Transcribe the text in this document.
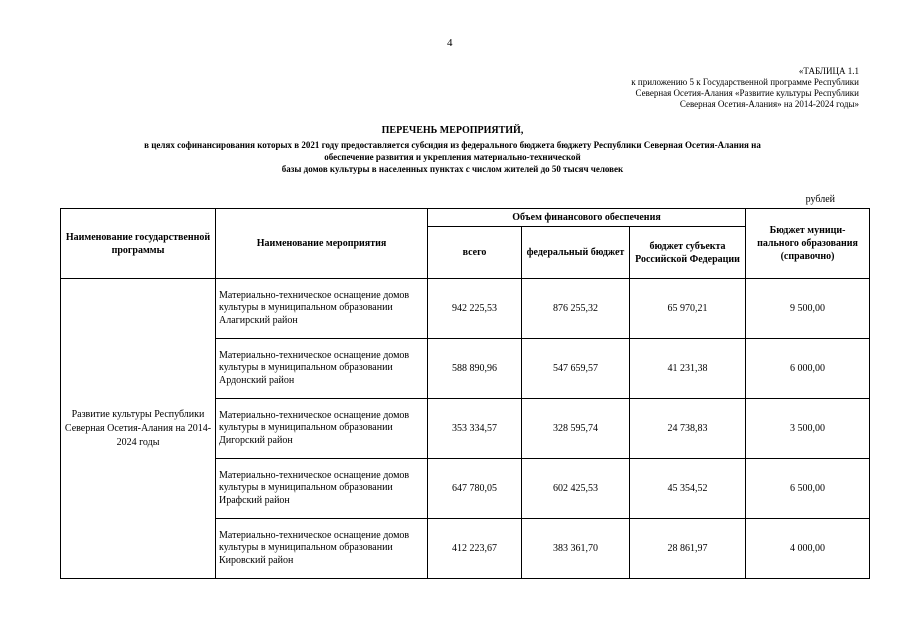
4
«ТАБЛИЦА 1.1
к приложению 5 к Государственной программе Республики
Северная Осетия-Алания «Развитие культуры Республики
Северная Осетия-Алания» на 2014-2024 годы»
ПЕРЕЧЕНЬ МЕРОПРИЯТИЙ,
в целях софинансирования которых в 2021 году предоставляется субсидия из федерального бюджета бюджету Республики Северная Осетия-Алания на
обеспечение развития и укрепления материально-технической
базы домов культуры в населенных пунктах с числом жителей до 50 тысяч человек
рублей
Наименование государственной программы	Наименование мероприятия	Объем финансового обеспечения			Бюджет муници-пального образования (справочно)
		всего	федеральный бюджет	бюджет субъекта Российской Федерации	
Развитие культуры Республики Северная Осетия-Алания на 2014-2024 годы	Материально-техническое оснащение домов культуры в муниципальном образовании Алагирский район	942 225,53	876 255,32	65 970,21	9 500,00
	Материально-техническое оснащение домов культуры в муниципальном образовании Ардонский район	588 890,96	547 659,57	41 231,38	6 000,00
	Материально-техническое оснащение домов культуры в муниципальном образовании Дигорский район	353 334,57	328 595,74	24 738,83	3 500,00
	Материально-техническое оснащение домов культуры в муниципальном образовании Ирафский район	647 780,05	602 425,53	45 354,52	6 500,00
	Материально-техническое оснащение домов культуры в муниципальном образовании Кировский район	412 223,67	383 361,70	28 861,97	4 000,00
